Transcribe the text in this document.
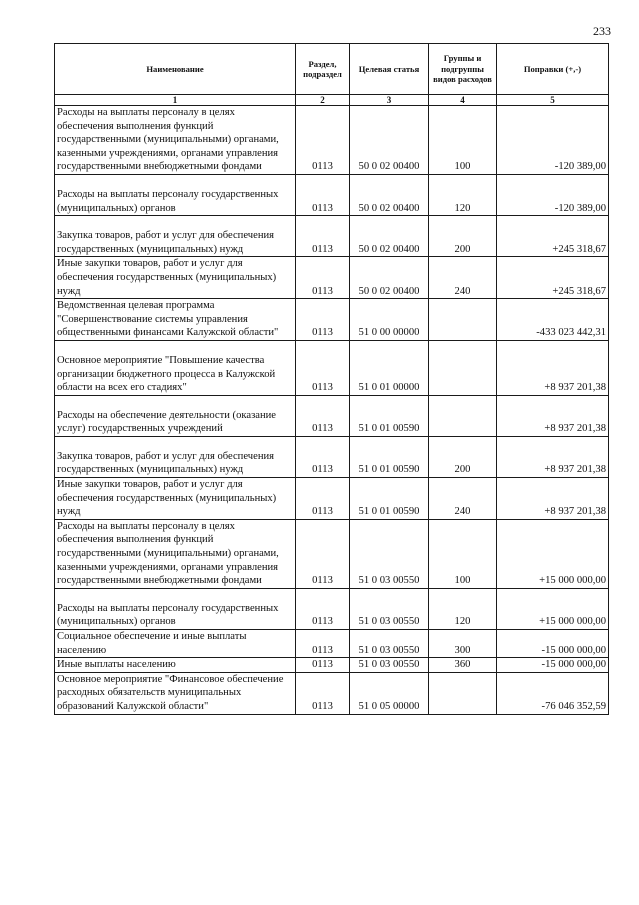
233
Наименование	Раздел, подраздел	Целевая статья	Группы и подгруппы видов расходов	Поправки (+,-)
1	2	3	4	5

Расходы на выплаты персоналу в целях обеспечения выполнения функций государственными (муниципальными) органами, казенными учреждениями, органами управления государственными внебюджетными фондами	0113	50 0 02 00400	100	-120 389,00

Расходы на выплаты персоналу государственных (муниципальных) органов	0113	50 0 02 00400	120	-120 389,00

Закупка товаров, работ и услуг для обеспечения государственных (муниципальных) нужд	0113	50 0 02 00400	200	+245 318,67

Иные закупки товаров, работ и услуг для обеспечения государственных (муниципальных) нужд	0113	50 0 02 00400	240	+245 318,67

Ведомственная целевая программа "Совершенствование системы управления общественными финансами Калужской области"	0113	51 0 00 00000		-433 023 442,31

Основное мероприятие "Повышение качества организации бюджетного процесса в Калужской области на всех его стадиях"	0113	51 0 01 00000		+8 937 201,38

Расходы на обеспечение деятельности (оказание услуг) государственных учреждений	0113	51 0 01 00590		+8 937 201,38

Закупка товаров, работ и услуг для обеспечения государственных (муниципальных) нужд	0113	51 0 01 00590	200	+8 937 201,38

Иные закупки товаров, работ и услуг для обеспечения государственных (муниципальных) нужд	0113	51 0 01 00590	240	+8 937 201,38

Расходы на выплаты персоналу в целях обеспечения выполнения функций государственными (муниципальными) органами, казенными учреждениями, органами управления государственными внебюджетными фондами	0113	51 0 03 00550	100	+15 000 000,00

Расходы на выплаты персоналу государственных (муниципальных) органов	0113	51 0 03 00550	120	+15 000 000,00

Социальное обеспечение и иные выплаты населению	0113	51 0 03 00550	300	-15 000 000,00

Иные выплаты населению	0113	51 0 03 00550	360	-15 000 000,00

Основное мероприятие "Финансовое обеспечение расходных обязательств муниципальных образований Калужской области"	0113	51 0 05 00000		-76 046 352,59
